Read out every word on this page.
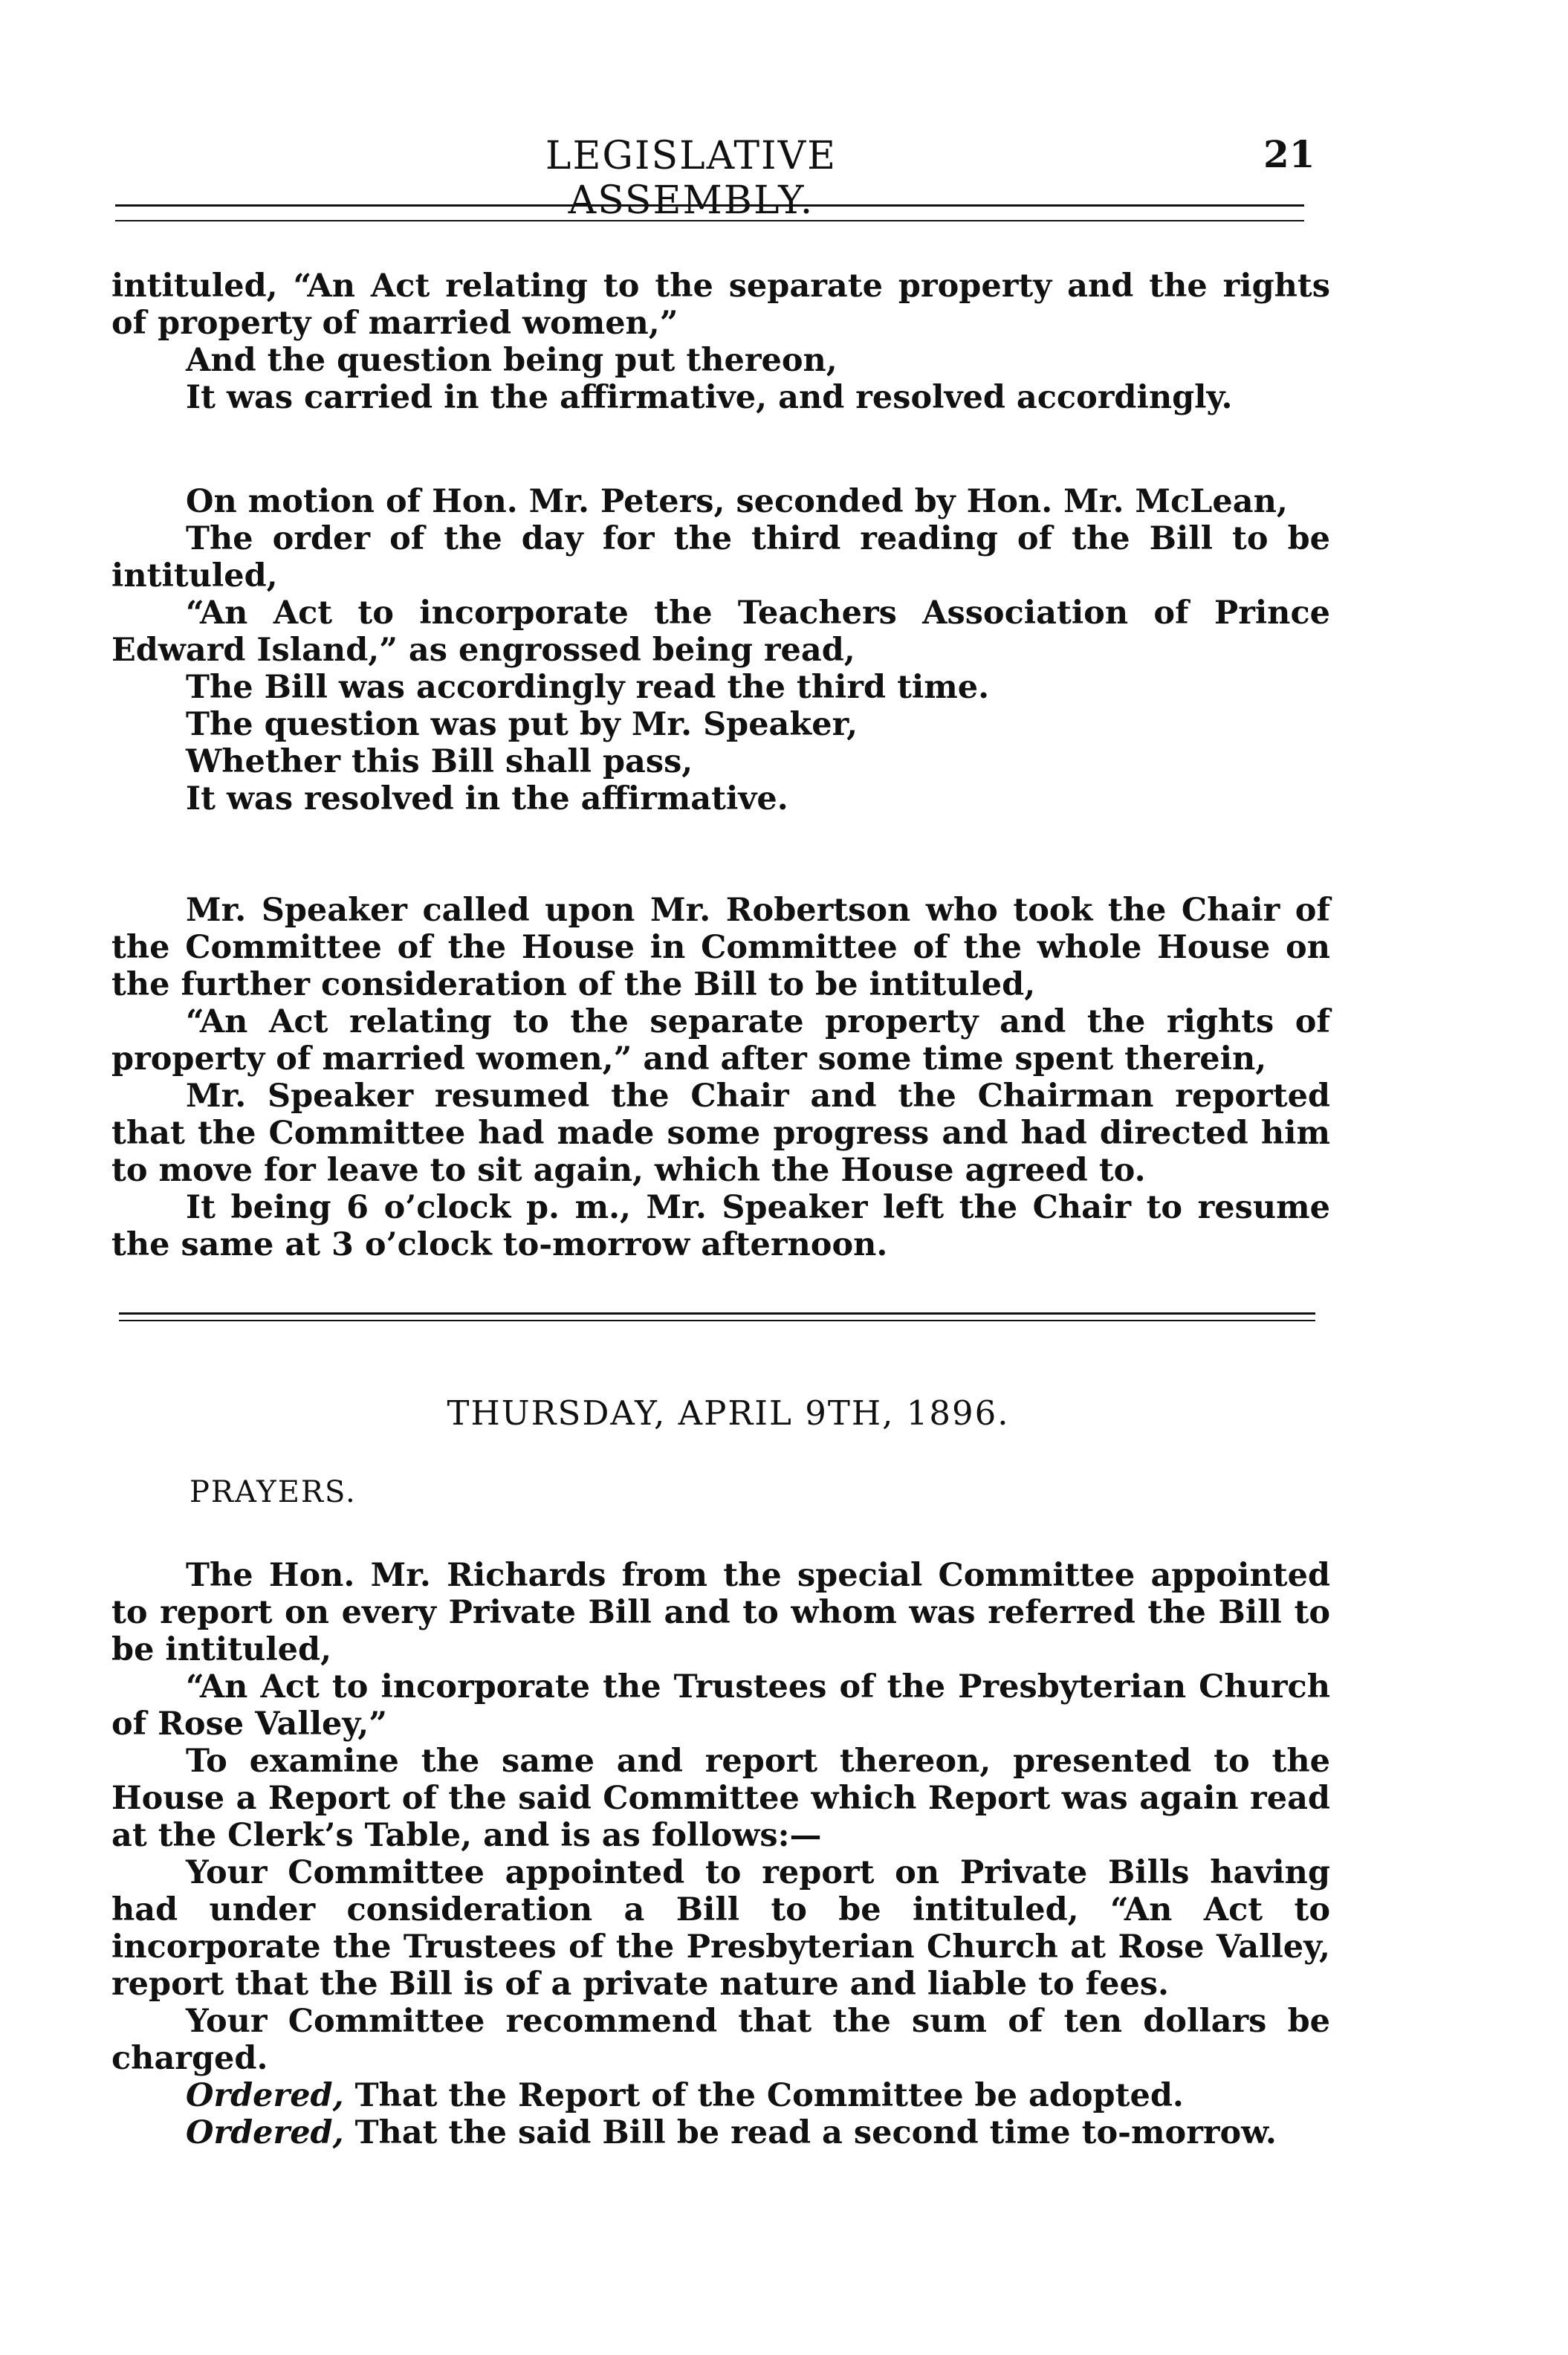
LEGISLATIVE ASSEMBLY.
21

intituled, “An Act relating to the separate property and the rights of property of married women,”

And the question being put thereon,

It was carried in the affirmative, and resolved accordingly.

On motion of Hon. Mr. Peters, seconded by Hon. Mr. McLean,

The order of the day for the third reading of the Bill to be intituled,

“An Act to incorporate the Teachers Association of Prince Edward Island,” as engrossed being read,

The Bill was accordingly read the third time.

The question was put by Mr. Speaker,

Whether this Bill shall pass,

It was resolved in the affirmative.

Mr. Speaker called upon Mr. Robertson who took the Chair of the Committee of the House in Committee of the whole House on the further consideration of the Bill to be intituled,

“An Act relating to the separate property and the rights of property of married women,” and after some time spent therein,

Mr. Speaker resumed the Chair and the Chairman reported that the Committee had made some progress and had directed him to move for leave to sit again, which the House agreed to.

It being 6 o’clock p. m., Mr. Speaker left the Chair to resume the same at 3 o’clock to-morrow afternoon.

THURSDAY, APRIL 9TH, 1896.
PRAYERS.

The Hon. Mr. Richards from the special Committee appointed to report on every Private Bill and to whom was referred the Bill to be intituled,

“An Act to incorporate the Trustees of the Presbyterian Church of Rose Valley,”

To examine the same and report thereon, presented to the House a Report of the said Committee which Report was again read at the Clerk’s Table, and is as follows:—

Your Committee appointed to report on Private Bills having had under consideration a Bill to be intituled, “An Act to incorporate the Trustees of the Presbyterian Church at Rose Valley, report that the Bill is of a private nature and liable to fees.

Your Committee recommend that the sum of ten dollars be charged.

Ordered, That the Report of the Committee be adopted.

Ordered, That the said Bill be read a second time to-morrow.
